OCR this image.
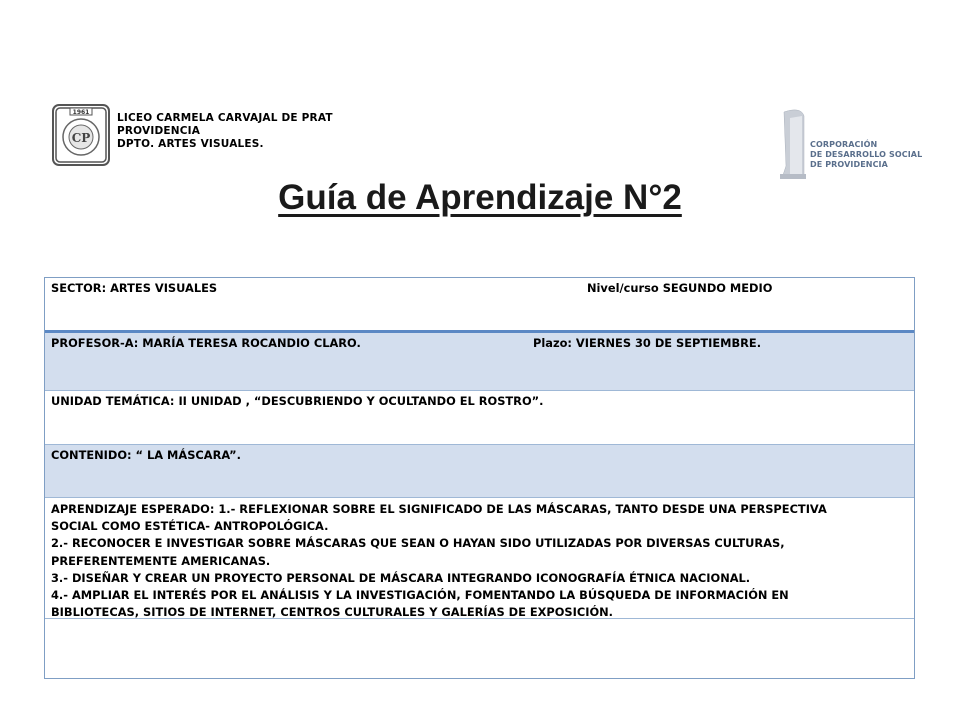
1961
CP
LICEO CARMELA CARVAJAL DE PRAT
PROVIDENCIA
DPTO. ARTES VISUALES.	CORPORACIÓN
DE DESARROLLO SOCIAL
DE PROVIDENCIA
Guía de Aprendizaje N°2
SECTOR: ARTES VISUALES	Nivel/curso SEGUNDO MEDIO
PROFESOR-A: MARÍA TERESA ROCANDIO CLARO.	Plazo: VIERNES 30 DE SEPTIEMBRE.
UNIDAD TEMÁTICA: II UNIDAD , “DESCUBRIENDO Y OCULTANDO EL ROSTRO”.
CONTENIDO: “ LA MÁSCARA”.
APRENDIZAJE ESPERADO: 1.- REFLEXIONAR SOBRE EL SIGNIFICADO DE LAS MÁSCARAS, TANTO DESDE UNA PERSPECTIVA
SOCIAL COMO ESTÉTICA- ANTROPOLÓGICA.
2.- RECONOCER E INVESTIGAR SOBRE MÁSCARAS QUE SEAN O HAYAN SIDO UTILIZADAS POR DIVERSAS CULTURAS,
PREFERENTEMENTE AMERICANAS.
3.- DISEÑAR Y CREAR UN PROYECTO PERSONAL DE MÁSCARA INTEGRANDO ICONOGRAFÍA ÉTNICA NACIONAL.
4.- AMPLIAR EL INTERÉS POR EL ANÁLISIS Y LA INVESTIGACIÓN, FOMENTANDO LA BÚSQUEDA DE INFORMACIÓN EN
BIBLIOTECAS, SITIOS DE INTERNET, CENTROS CULTURALES Y GALERÍAS DE EXPOSICIÓN.
